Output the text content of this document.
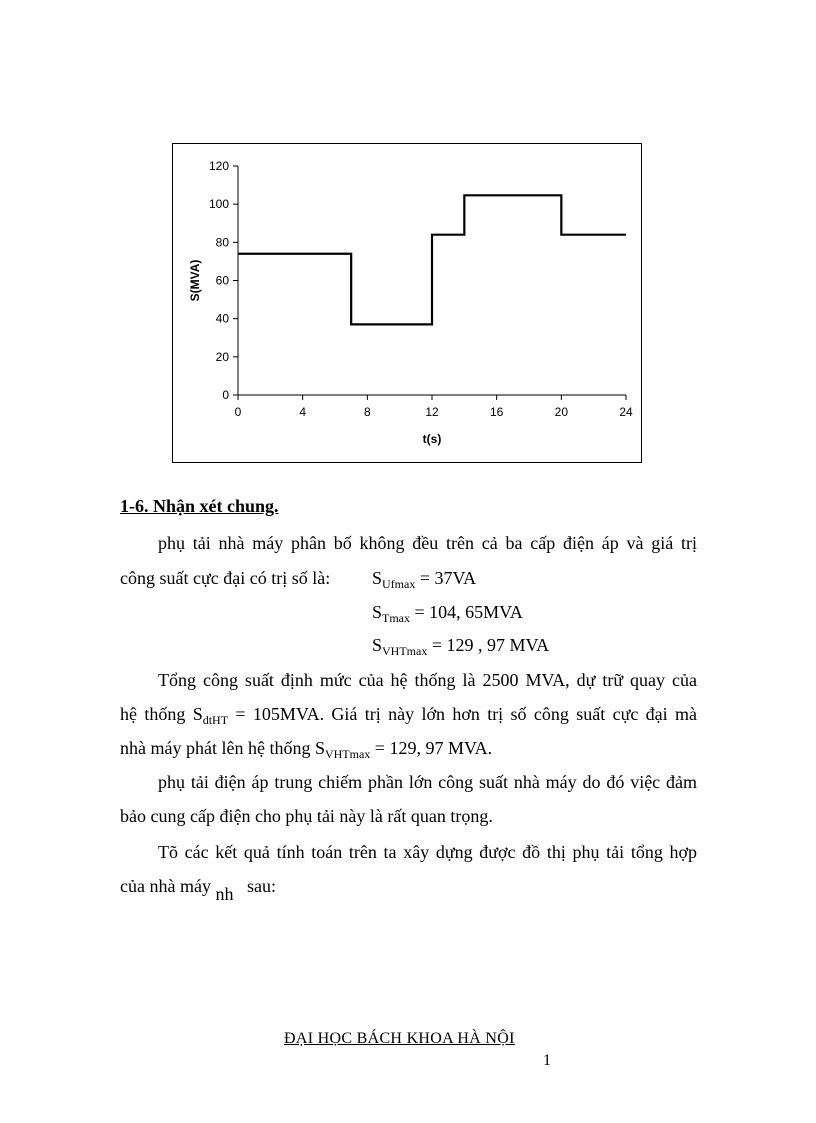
0
20
40
60
80
100
120
0	4	8	12	16	20	24
t(s)
S(MVA)
1-6. Nhận xét chung.
phụ tải nhà máy phân bố không đều trên cả ba cấp điện áp và giá trị
công suất cực đại có trị số là: $S_{Ufmax} = 37VA$
$S_{Tmax} = 104$, 65MVA
$S_{VHTmax} = 129$ , 97 MVA
Tổng công suất định mức của hệ thống là 2500 MVA, dự trữ quay của
hệ thống $S_{dtHT} = 105MVA$. Giá trị này lớn hơn trị số công suất cực đại mà
nhà máy phát lên hệ thống $S_{VHTmax} = 129$, 97 MVA.
phụ tải điện áp trung chiếm phần lớn công suất nhà máy do đó việc đảm
bảo cung cấp điện cho phụ tải này là rất quan trọng.
Tõ các kết quả tính toán trên ta xây dựng được đồ thị phụ tải tổng hợp
của nhà máy nh sau:
ĐẠI HỌC BÁCH KHOA HÀ NỘI
1
